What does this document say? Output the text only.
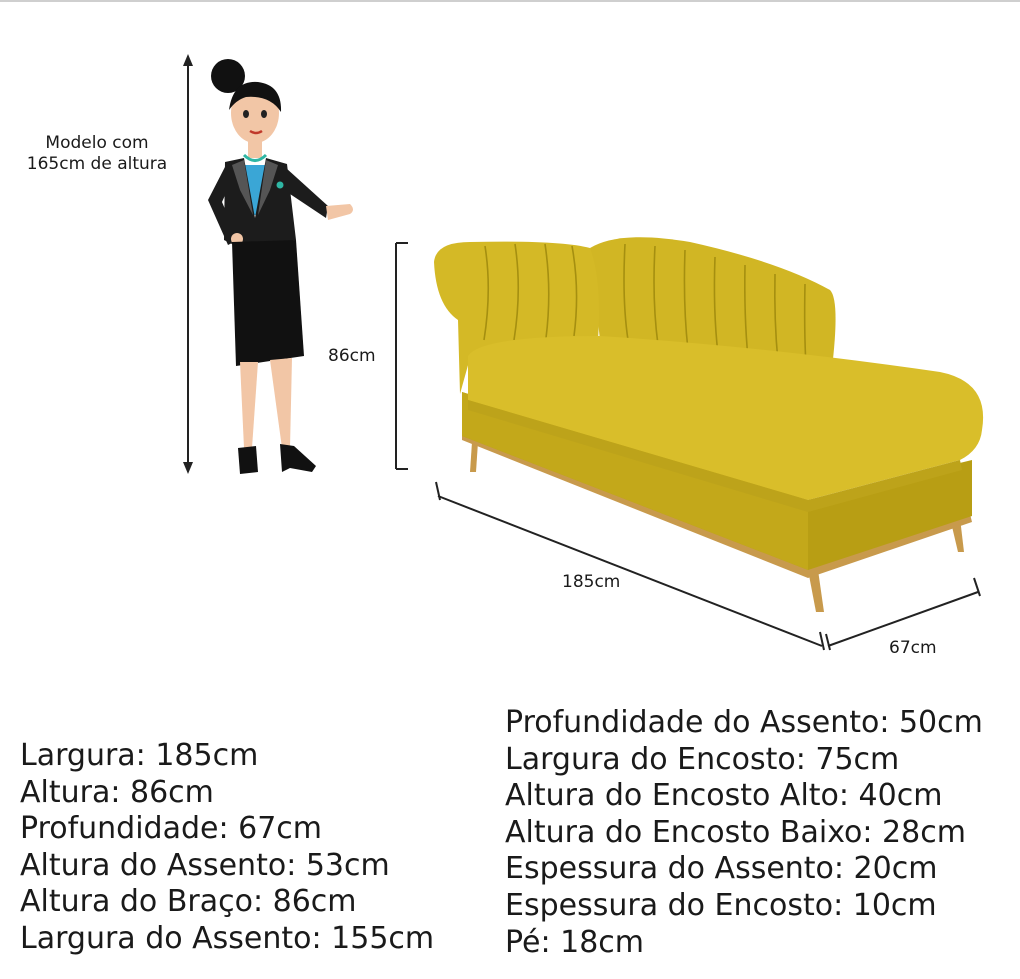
Modelo com
165cm de altura
86cm
185cm
67cm
Largura: 185cm
Altura: 86cm
Profundidade: 67cm
Altura do Assento: 53cm
Altura do Braço: 86cm
Largura do Assento: 155cm
Profundidade do Assento: 50cm
Largura do Encosto: 75cm
Altura do Encosto Alto: 40cm
Altura do Encosto Baixo: 28cm
Espessura do Assento: 20cm
Espessura do Encosto: 10cm
Pé: 18cm
